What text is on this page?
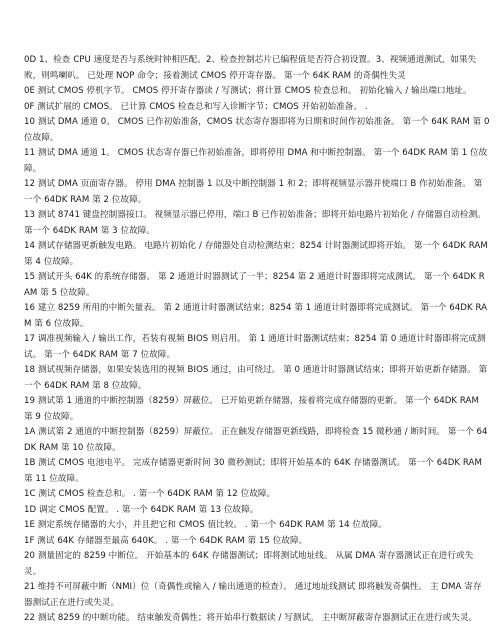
0D 1、检查 CPU 速度是否与系统时钟相匹配。2、检查控制芯片已编程值是否符合初设置。3、视频通道测试，如果失败，则鸣喇叭。 已处理 NOP 命令；接着测试 CMOS 停开寄存器。 第一个 64K RAM 的奇偶性失灵

0E 测试 CMOS 停机字节。 CMOS 停开寄存器读 / 写测试；将计算 CMOS 检查总和。 初始化输入 / 输出端口地址。

0F 测试扩展的 CMOS。 已计算 CMOS 检查总和写入诊断字节；CMOS 开始初始准备。 .

10 测试 DMA 通道 0。 CMOS 已作初始准备，CMOS 状态寄存器即将为日期和时间作初始准备。 第一个 64K RAM 第 0 位故障。

11 测试 DMA 通道 1。 CMOS 状态寄存器已作初始准备，即将停用 DMA 和中断控制器。 第一个 64DK RAM 第 1 位故障。

12 测试 DMA 页面寄存器。 停用 DMA 控制器 1 以及中断控制器 1 和 2；即将视频显示器并使端口 B 作初始准备。 第一个 64DK RAM 第 2 位故障。

13 测试 8741 键盘控制器接口。 视频显示器已停用，端口 B 已作初始准备；即将开始电路片初始化 / 存储器自动检测。 第一个 64DK RAM 第 3 位故障。

14 测试存储器更新触发电路。 电路片初始化 / 存储器处自动检测结束；8254 计时器测试即将开始。 第一个 64DK RAM 第 4 位故障。

15 测试开头 64K 的系统存储器。 第 2 通道计时器测试了一半；8254 第 2 通道计时器即将完成测试。 第一个 64DK RAM 第 5 位故障。

16 建立 8259 所用的中断矢量表。 第 2 通道计时器测试结束；8254 第 1 通道计时器即将完成测试。 第一个 64DK RAM 第 6 位故障。

17 调准视频输入 / 输出工作，若装有视频 BIOS 则启用。 第 1 通道计时器测试结束；8254 第 0 通道计时器即将完成测试。 第一个 64DK RAM 第 7 位故障。

18 测试视频存储器，如果安装选用的视频 BIOS 通过，由可绕过。 第 0 通道计时器测试结束；即将开始更新存储器。 第一个 64DK RAM 第 8 位故障。

19 测试第 1 通道的中断控制器（8259）屏蔽位。 已开始更新存储器，接着将完成存储器的更新。 第一个 64DK RAM 第 9 位故障。

1A 测试第 2 通道的中断控制器（8259）屏蔽位。 正在触发存储器更新线路，即将检查 15 微秒通 / 断时间。 第一个 64DK RAM 第 10 位故障。

1B 测试 CMOS 电池电平。 完成存储器更新时间 30 微秒测试；即将开始基本的 64K 存储器测试。 第一个 64DK RAM 第 11 位故障。

1C 测试 CMOS 检查总和。 . 第一个 64DK RAM 第 12 位故障。

1D 调定 CMOS 配置。 . 第一个 64DK RAM 第 13 位故障。

1E 测定系统存储器的大小，并且把它和 CMOS 值比较。 . 第一个 64DK RAM 第 14 位故障。

1F 测试 64K 存储器至最高 640K。 . 第一个 64DK RAM 第 15 位故障。

20 测量固定的 8259 中断位。 开始基本的 64K 存储器测试；即将测试地址线。 从属 DMA 寄存器测试正在进行或失灵。

21 维持不可屏蔽中断（NMI）位（奇偶性或输入 / 输出通道的检查）。 通过地址线测试 即将触发奇偶性。 主 DMA 寄存器测试正在进行或失灵。

22 测试 8259 的中断功能。 结束触发奇偶性；将开始串行数据读 / 写测试。 主中断屏蔽寄存器测试正在进行或失灵。
